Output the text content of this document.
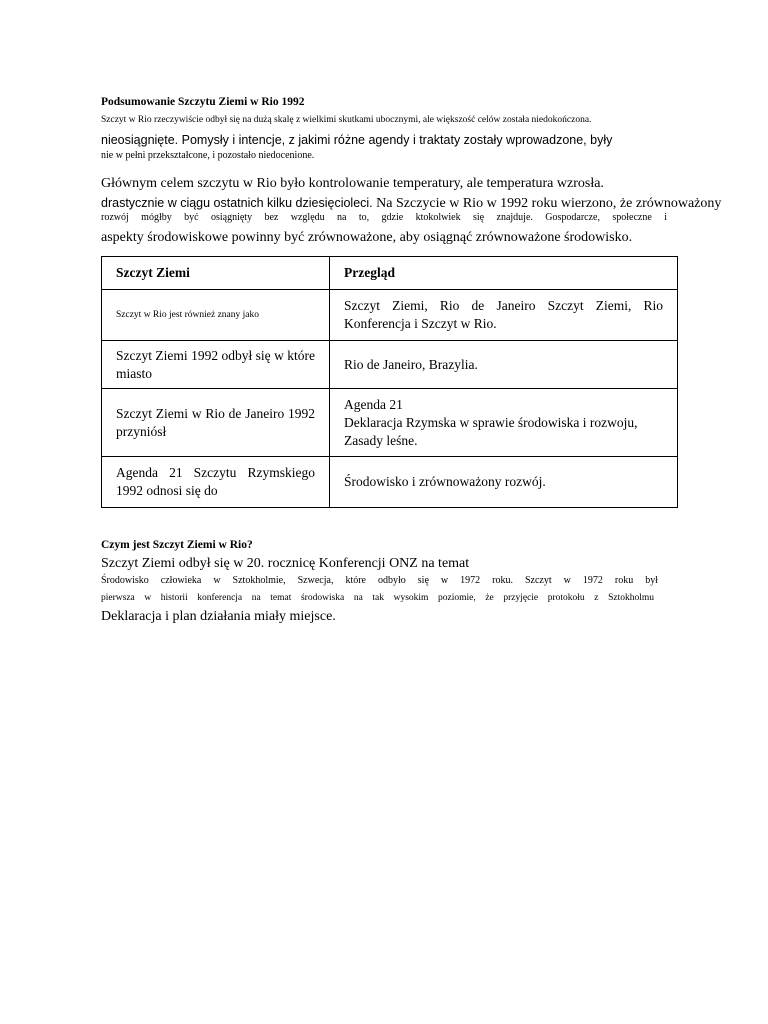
Podsumowanie Szczytu Ziemi w Rio 1992
Szczyt w Rio rzeczywiście odbył się na dużą skalę z wielkimi skutkami ubocznymi, ale większość celów została niedokończona.
nieosiągnięte. Pomysły i intencje, z jakimi różne agendy i traktaty zostały wprowadzone, były
nie w pełni przekształcone, i pozostało niedocenione.
Głównym celem szczytu w Rio było kontrolowanie temperatury, ale temperatura wzrosła.
drastycznie w ciągu ostatnich kilku dziesięcioleci. Na Szczycie w Rio w 1992 roku wierzono, że zrównoważony
rozwój mógłby być osiągnięty bez względu na to, gdzie ktokolwiek się znajduje. Gospodarcze, społeczne i
aspekty środowiskowe powinny być zrównoważone, aby osiągnąć zrównoważone środowisko.
Szczyt Ziemi	Przegląd
Szczyt w Rio jest również znany jako	Szczyt Ziemi, Rio de Janeiro Szczyt Ziemi, Rio Konferencja i Szczyt w Rio.
Szczyt Ziemi 1992 odbył się w które miasto	Rio de Janeiro, Brazylia.
Szczyt Ziemi w Rio de Janeiro 1992 przyniósł	Agenda 21
Deklaracja Rzymska w sprawie środowiska i rozwoju,
Zasady leśne.
Agenda 21 Szczytu Rzymskiego 1992 odnosi się do	Środowisko i zrównoważony rozwój.
Czym jest Szczyt Ziemi w Rio?
Szczyt Ziemi odbył się w 20. rocznicę Konferencji ONZ na temat
Środowisko człowieka w Sztokholmie, Szwecja, które odbyło się w 1972 roku. Szczyt w 1972 roku był
pierwsza w historii konferencja na temat środowiska na tak wysokim poziomie, że przyjęcie protokołu z Sztokholmu
Deklaracja i plan działania miały miejsce.
